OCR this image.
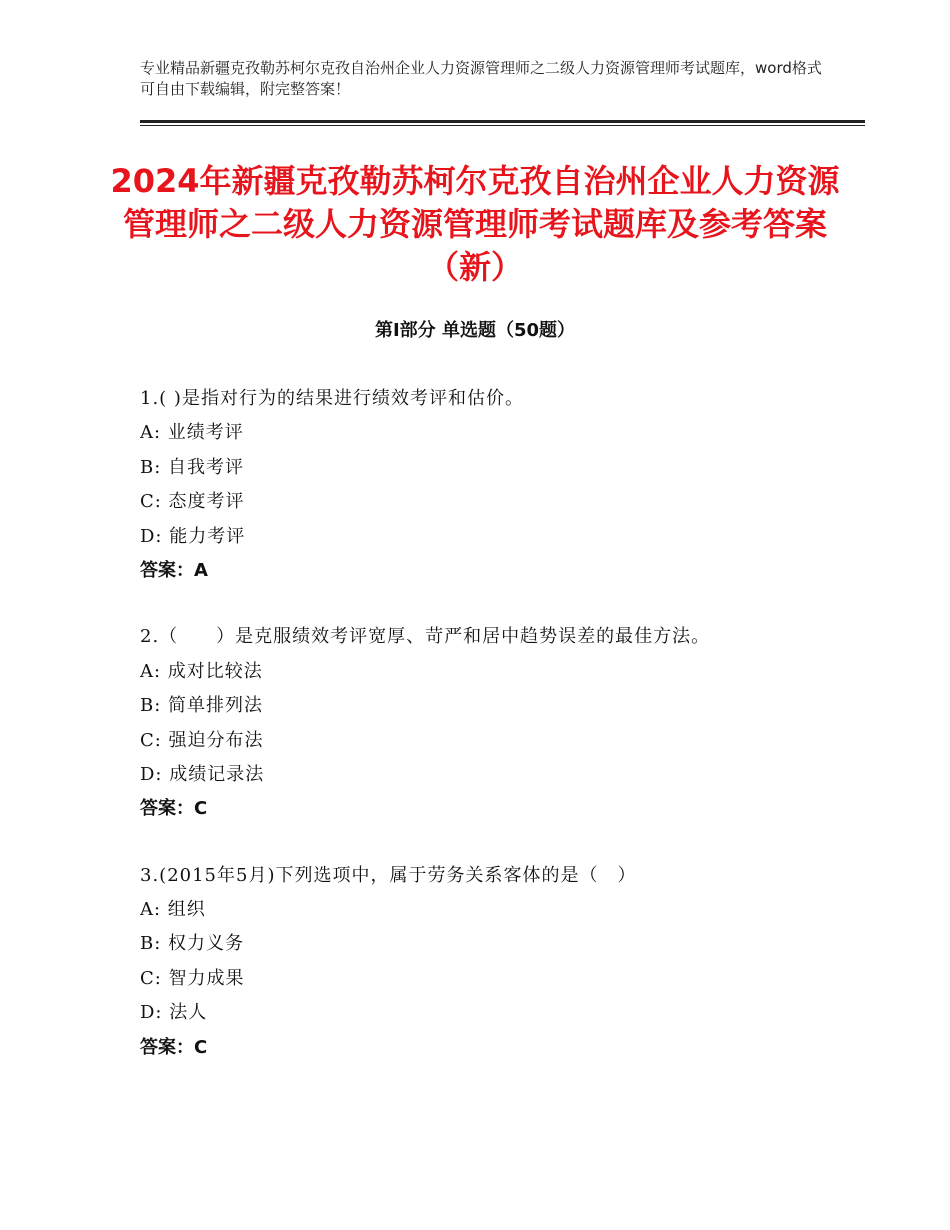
专业精品新疆克孜勒苏柯尔克孜自治州企业人力资源管理师之二级人力资源管理师考试题库，word格式可自由下载编辑，附完整答案！
2024年新疆克孜勒苏柯尔克孜自治州企业人力资源管理师之二级人力资源管理师考试题库及参考答案（新）
第Ⅰ部分 单选题（50题）
1.( )是指对行为的结果进行绩效考评和估价。
A: 业绩考评
B: 自我考评
C: 态度考评
D: 能力考评
答案：A
2.（　　）是克服绩效考评宽厚、苛严和居中趋势误差的最佳方法。
A: 成对比较法
B: 简单排列法
C: 强迫分布法
D: 成绩记录法
答案：C
3.(2015年5月)下列选项中，属于劳务关系客体的是（　）
A: 组织
B: 权力义务
C: 智力成果
D: 法人
答案：C
